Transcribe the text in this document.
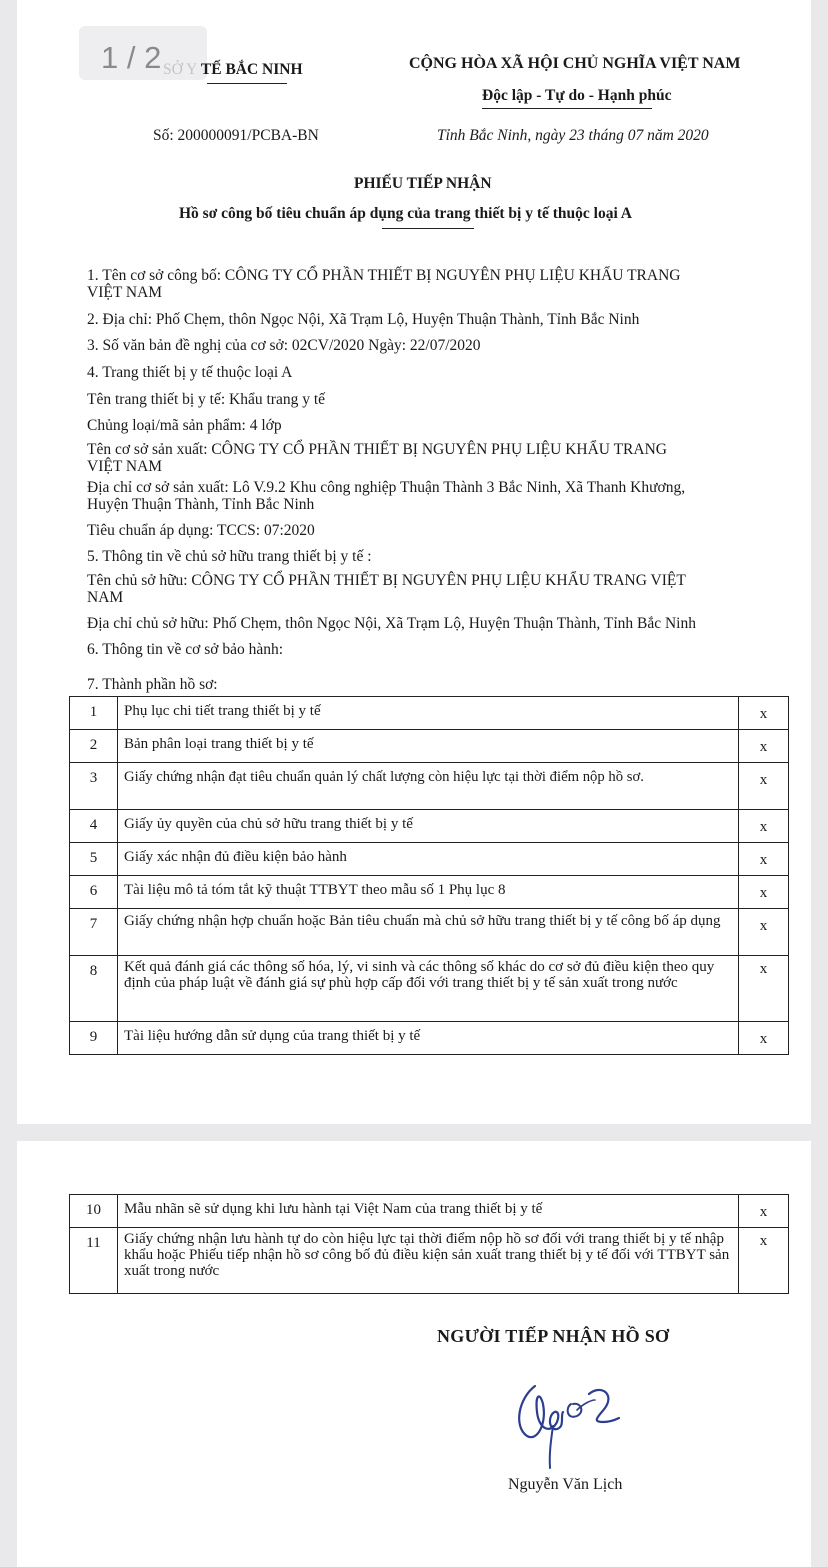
1 / 2 SỞ Y TẾ BẮC NINH	CỘNG HÒA XÃ HỘI CHỦ NGHĨA VIỆT NAM
Độc lập - Tự do - Hạnh phúc
Số: 200000091/PCBA-BN	Tỉnh Bắc Ninh, ngày 23 tháng 07 năm 2020
PHIẾU TIẾP NHẬN
Hồ sơ công bố tiêu chuẩn áp dụng của trang thiết bị y tế thuộc loại A
1. Tên cơ sở công bố: CÔNG TY CỔ PHẦN THIẾT BỊ NGUYÊN PHỤ LIỆU KHẨU TRANG
VIỆT NAM
2. Địa chỉ: Phố Chẹm, thôn Ngọc Nội, Xã Trạm Lộ, Huyện Thuận Thành, Tỉnh Bắc Ninh
3. Số văn bản đề nghị của cơ sở: 02CV/2020 Ngày: 22/07/2020
4. Trang thiết bị y tế thuộc loại A
Tên trang thiết bị y tế: Khẩu trang y tế
Chủng loại/mã sản phẩm: 4 lớp
Tên cơ sở sản xuất: CÔNG TY CỔ PHẦN THIẾT BỊ NGUYÊN PHỤ LIỆU KHẨU TRANG
VIỆT NAM
Địa chỉ cơ sở sản xuất: Lô V.9.2 Khu công nghiệp Thuận Thành 3 Bắc Ninh, Xã Thanh Khương,
Huyện Thuận Thành, Tỉnh Bắc Ninh
Tiêu chuẩn áp dụng: TCCS: 07:2020
5. Thông tin về chủ sở hữu trang thiết bị y tế :
Tên chủ sở hữu: CÔNG TY CỔ PHẦN THIẾT BỊ NGUYÊN PHỤ LIỆU KHẨU TRANG VIỆT
NAM
Địa chỉ chủ sở hữu: Phố Chẹm, thôn Ngọc Nội, Xã Trạm Lộ, Huyện Thuận Thành, Tỉnh Bắc Ninh
6. Thông tin về cơ sở bảo hành:
7. Thành phần hồ sơ:
1	Phụ lục chi tiết trang thiết bị y tế	x
2	Bản phân loại trang thiết bị y tế	x
3	Giấy chứng nhận đạt tiêu chuẩn quản lý chất lượng còn hiệu lực tại thời điểm nộp hồ sơ.	x
4	Giấy ủy quyền của chủ sở hữu trang thiết bị y tế	x
5	Giấy xác nhận đủ điều kiện bảo hành	x
6	Tài liệu mô tả tóm tắt kỹ thuật TTBYT theo mẫu số 1 Phụ lục 8	x
7	Giấy chứng nhận hợp chuẩn hoặc Bản tiêu chuẩn mà chủ sở hữu trang thiết bị y tế công bố áp dụng	x
8	Kết quả đánh giá các thông số hóa, lý, vi sinh và các thông số khác do cơ sở đủ điều kiện theo quy định của pháp luật về đánh giá sự phù hợp cấp đối với trang thiết bị y tế sản xuất trong nước	x
9	Tài liệu hướng dẫn sử dụng của trang thiết bị y tế	x
10	Mẫu nhãn sẽ sử dụng khi lưu hành tại Việt Nam của trang thiết bị y tế	x
11	Giấy chứng nhận lưu hành tự do còn hiệu lực tại thời điểm nộp hồ sơ đối với trang thiết bị y tế nhập khẩu hoặc Phiếu tiếp nhận hồ sơ công bố đủ điều kiện sản xuất trang thiết bị y tế đối với TTBYT sản xuất trong nước	x
NGƯỜI TIẾP NHẬN HỒ SƠ
Nguyễn Văn Lịch
